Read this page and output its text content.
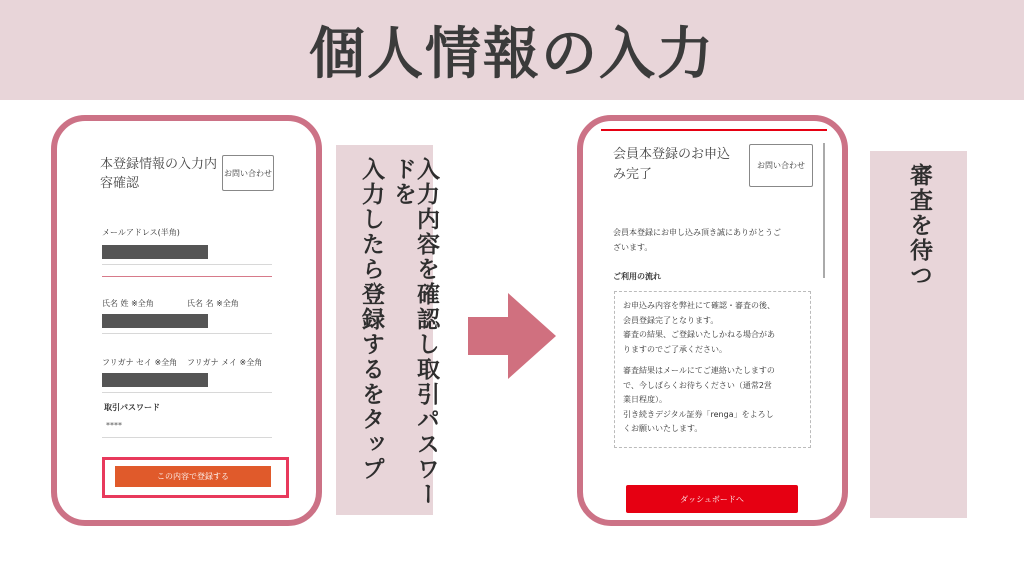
個人情報の入力
本登録情報の入力内
容確認
お問い合わせ
メールアドレス(半角)
氏名 姓 ※全角	氏名 名 ※全角
フリガナ セイ ※全角 フリガナ メイ ※全角
取引パスワード
****
この内容で登録する	入力内容を確認し取引パスワードを
入力したら登録するをタップ
会員本登録のお申込
み完了
お問い合わせ
会員本登録にお申し込み頂き誠にありがとうご
ざいます。
ご利用の流れ
お申込み内容を弊社にて確認・審査の後、
会員登録完了となります。
審査の結果、ご登録いたしかねる場合があ
りますのでご了承ください。
審査結果はメールにてご連絡いたしますの
で、今しばらくお待ちください（通常2営
業日程度）。
引き続きデジタル証券「renga」をよろし
くお願いいたします。
ダッシュボードへ
審査を待つ
